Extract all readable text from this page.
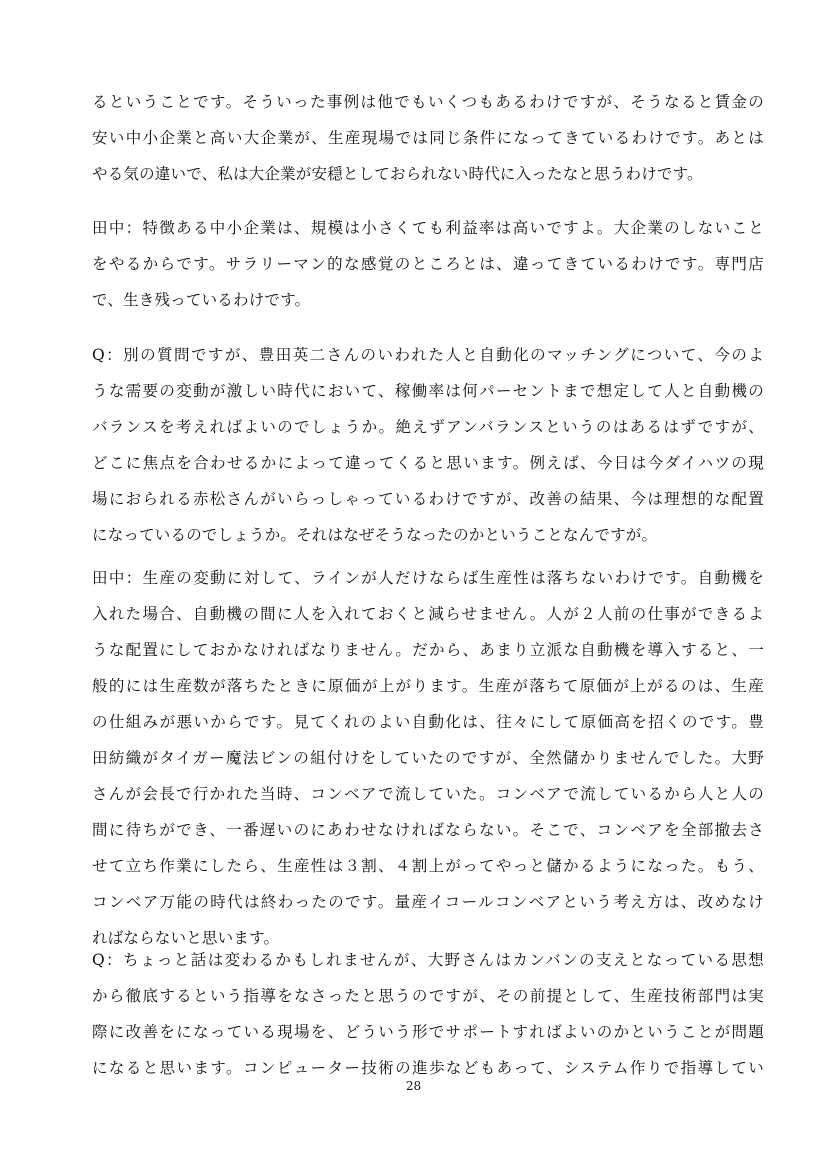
るということです。そういった事例は他でもいくつもあるわけですが、そうなると賃金の
安い中小企業と高い大企業が、生産現場では同じ条件になってきているわけです。あとは
やる気の違いで、私は大企業が安穏としておられない時代に入ったなと思うわけです。
田中：特徴ある中小企業は、規模は小さくても利益率は高いですよ。大企業のしないこと
をやるからです。サラリーマン的な感覚のところとは、違ってきているわけです。専門店
で、生き残っているわけです。
Q：別の質問ですが、豊田英二さんのいわれた人と自動化のマッチングについて、今のよ
うな需要の変動が激しい時代において、稼働率は何パーセントまで想定して人と自動機の
バランスを考えればよいのでしょうか。絶えずアンバランスというのはあるはずですが、
どこに焦点を合わせるかによって違ってくると思います。例えば、今日は今ダイハツの現
場におられる赤松さんがいらっしゃっているわけですが、改善の結果、今は理想的な配置
になっているのでしょうか。それはなぜそうなったのかということなんですが。
田中：生産の変動に対して、ラインが人だけならば生産性は落ちないわけです。自動機を
入れた場合、自動機の間に人を入れておくと減らせません。人が２人前の仕事ができるよ
うな配置にしておかなければなりません。だから、あまり立派な自動機を導入すると、一
般的には生産数が落ちたときに原価が上がります。生産が落ちて原価が上がるのは、生産
の仕組みが悪いからです。見てくれのよい自動化は、往々にして原価高を招くのです。豊
田紡織がタイガー魔法ビンの組付けをしていたのですが、全然儲かりませんでした。大野
さんが会長で行かれた当時、コンベアで流していた。コンベアで流しているから人と人の
間に待ちができ、一番遅いのにあわせなければならない。そこで、コンベアを全部撤去さ
せて立ち作業にしたら、生産性は３割、４割上がってやっと儲かるようになった。もう、
コンベア万能の時代は終わったのです。量産イコールコンベアという考え方は、改めなけ
ればならないと思います。
Q：ちょっと話は変わるかもしれませんが、大野さんはカンバンの支えとなっている思想
から徹底するという指導をなさったと思うのですが、その前提として、生産技術部門は実
際に改善をになっている現場を、どういう形でサポートすればよいのかということが問題
になると思います。コンピューター技術の進歩などもあって、システム作りで指導してい
28
